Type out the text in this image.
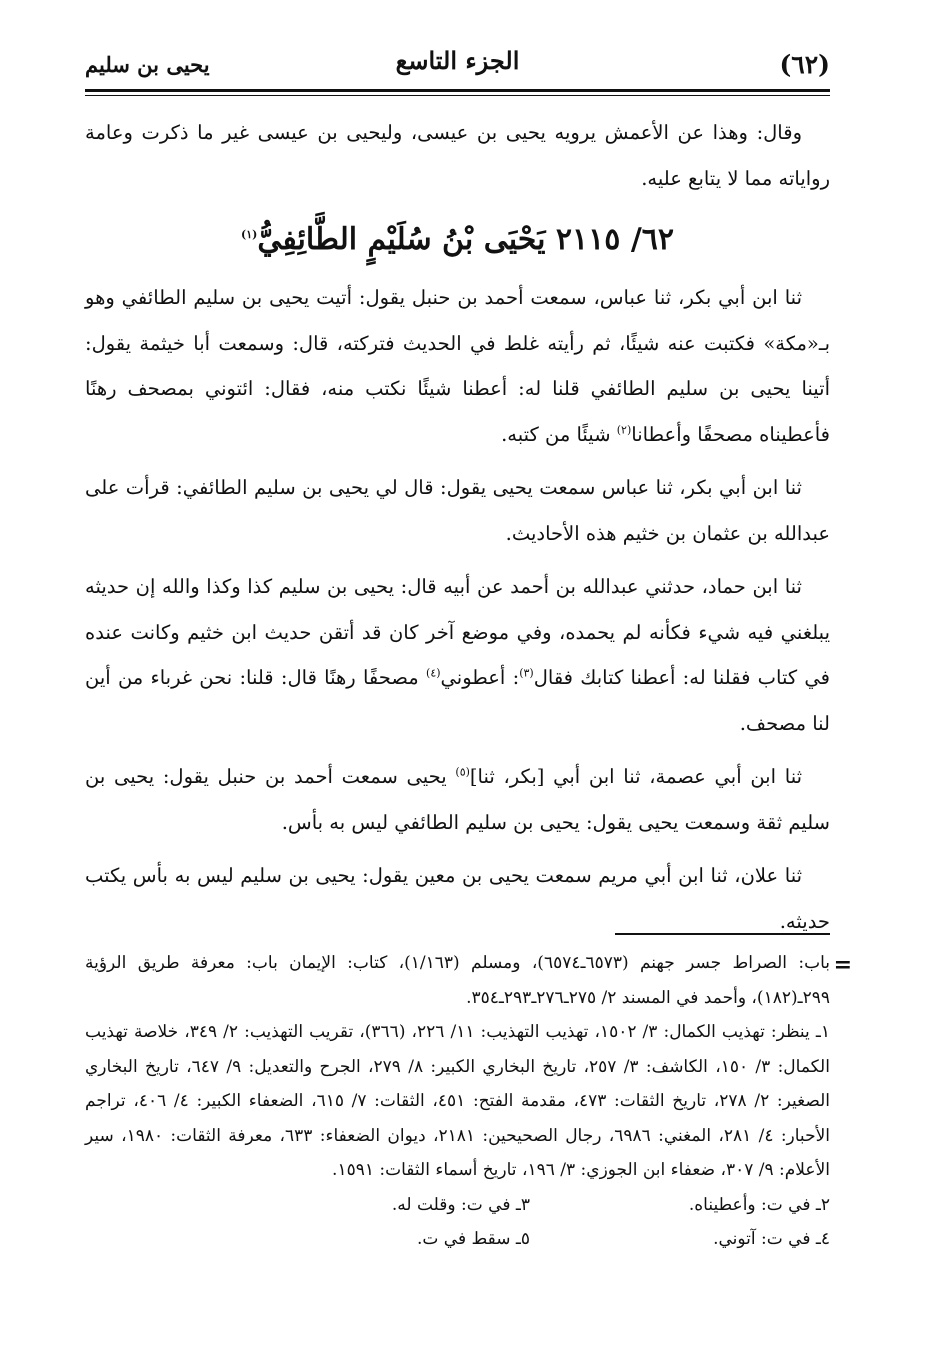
(٦٢)
الجزء التاسع
يحيى بن سليم

وقال: وهذا عن الأعمش يرويه يحيى بن عيسى، وليحيى بن عيسى غير ما ذكرت وعامة رواياته مما لا يتابع عليه.

٦٢/ ٢١١٥ يَحْيَى بْنُ سُلَيْمٍ الطَّائِفِيُّ$^{(١)}$

ثنا ابن أبي بكر، ثنا عباس، سمعت أحمد بن حنبل يقول: أتيت يحيى بن سليم الطائفي وهو بـ«مكة» فكتبت عنه شيئًا، ثم رأيته غلط في الحديث فتركته، قال: وسمعت أبا خيثمة يقول: أتينا يحيى بن سليم الطائفي قلنا له: أعطنا شيئًا نكتب منه، فقال: ائتوني بمصحف رهنًا فأعطيناه مصحفًا وأعطانا$^{(٢)}$ شيئًا من كتبه.

ثنا ابن أبي بكر، ثنا عباس سمعت يحيى يقول: قال لي يحيى بن سليم الطائفي: قرأت على عبدالله بن عثمان بن خثيم هذه الأحاديث.

ثنا ابن حماد، حدثني عبدالله بن أحمد عن أبيه قال: يحيى بن سليم كذا وكذا والله إن حديثه يبلغني فيه شيء فكأنه لم يحمده، وفي موضع آخر كان قد أتقن حديث ابن خثيم وكانت عنده في كتاب فقلنا له: أعطنا كتابك فقال$^{(٣)}$: أعطوني$^{(٤)}$ مصحفًا رهنًا قال: قلنا: نحن غرباء من أين لنا مصحف.

ثنا ابن أبي عصمة، ثنا ابن أبي [بكر، ثنا]$^{(٥)}$ يحيى سمعت أحمد بن حنبل يقول: يحيى بن سليم ثقة وسمعت يحيى يقول: يحيى بن سليم الطائفي ليس به بأس.

ثنا علان، ثنا ابن أبي مريم سمعت يحيى بن معين يقول: يحيى بن سليم ليس به بأس يكتب حديثه.

=

باب: الصراط جسر جهنم (٦٥٧٣ـ٦٥٧٤)، ومسلم (١/١٦٣)، كتاب: الإيمان باب: معرفة طريق الرؤية ٢٩٩ـ(١٨٢)، وأحمد في المسند ٢/ ٢٧٥ـ٢٧٦ـ٢٩٣ـ٣٥٤.

١ـ ينظر: تهذيب الكمال: ٣/ ١٥٠٢، تهذيب التهذيب: ١١/ ٢٢٦، (٣٦٦)، تقريب التهذيب: ٢/ ٣٤٩، خلاصة تهذيب الكمال: ٣/ ١٥٠، الكاشف: ٣/ ٢٥٧، تاريخ البخاري الكبير: ٨/ ٢٧٩، الجرح والتعديل: ٩/ ٦٤٧، تاريخ البخاري الصغير: ٢/ ٢٧٨، تاريخ الثقات: ٤٧٣، مقدمة الفتح: ٤٥١، الثقات: ٧/ ٦١٥، الضعفاء الكبير: ٤/ ٤٠٦، تراجم الأحبار: ٤/ ٢٨١، المغني: ٦٩٨٦، رجال الصحيحين: ٢١٨١، ديوان الضعفاء: ٦٣٣، معرفة الثقات: ١٩٨٠، سير الأعلام: ٩/ ٣٠٧، ضعفاء ابن الجوزي: ٣/ ١٩٦، تاريخ أسماء الثقات: ١٥٩١.

٢ـ في ت: وأعطيناه.
٣ـ في ت: وقلت له.
٤ـ في ت: آتوني.
٥ـ سقط في ت.
